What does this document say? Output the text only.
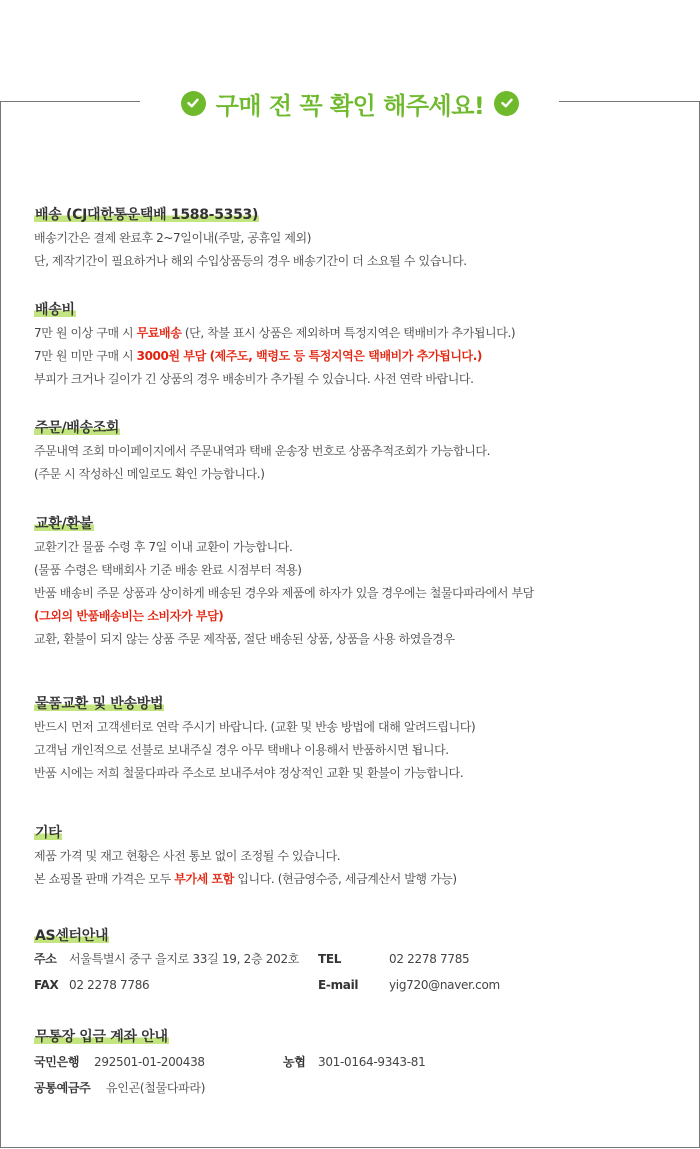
구매 전 꼭 확인 해주세요!
배송 (CJ대한통운택배 1588-5353)
배송기간은 결제 완료후 2~7일이내(주말, 공휴일 제외)
단, 제작기간이 필요하거나 해외 수입상품등의 경우 배송기간이 더 소요될 수 있습니다.
배송비
7만 원 이상 구매 시 무료배송 (단, 착불 표시 상품은 제외하며 특정지역은 택배비가 추가됩니다.)
7만 원 미만 구매 시 3000원 부담 (제주도, 백령도 등 특정지역은 택배비가 추가됩니다.)
부피가 크거나 길이가 긴 상품의 경우 배송비가 추가될 수 있습니다. 사전 연락 바랍니다.
주문/배송조회
주문내역 조회 마이페이지에서 주문내역과 택배 운송장 번호로 상품추적조회가 가능합니다.
(주문 시 작성하신 메일로도 확인 가능합니다.)
교환/환불
교환기간 물품 수령 후 7일 이내 교환이 가능합니다.
(물품 수령은 택배회사 기준 배송 완료 시점부터 적용)
반품 배송비 주문 상품과 상이하게 배송된 경우와 제품에 하자가 있을 경우에는 철물다파라에서 부담
(그외의 반품배송비는 소비자가 부담)
교환, 환불이 되지 않는 상품 주문 제작품, 절단 배송된 상품, 상품을 사용 하였을경우
물품교환 및 반송방법
반드시 먼저 고객센터로 연락 주시기 바랍니다. (교환 및 반송 방법에 대해 알려드립니다)
고객님 개인적으로 선불로 보내주실 경우 아무 택배나 이용해서 반품하시면 됩니다.
반품 시에는 저희 철물다파라 주소로 보내주셔야 정상적인 교환 및 환불이 가능합니다.
기타
제품 가격 및 재고 현황은 사전 통보 없이 조정될 수 있습니다.
본 쇼핑몰 판매 가격은 모두 부가세 포함 입니다. (현금영수증, 세금계산서 발행 가능)
AS센터안내
주소 서울특별시 중구 을지로 33길 19, 2층 202호 TEL	02 2278 7785
FAX 02 2278 7786	E-mail	yig720@naver.com
무통장 입금 계좌 안내
국민은행 292501-01-200438	농협 301-0164-9343-81
공통예금주 유인곤(철물다파라)
